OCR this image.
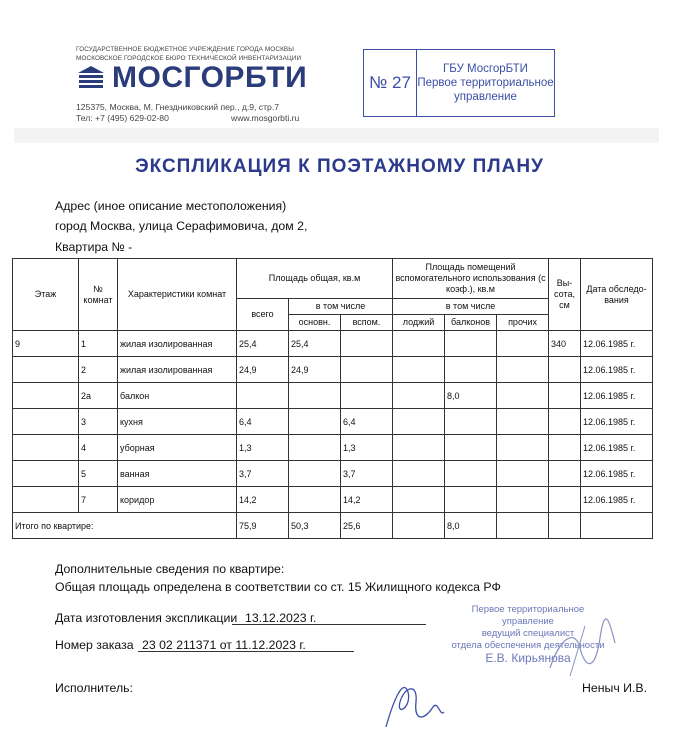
ГОСУДАРСТВЕННОЕ БЮДЖЕТНОЕ УЧРЕЖДЕНИЕ ГОРОДА МОСКВЫ
МОСКОВСКОЕ ГОРОДСКОЕ БЮРО ТЕХНИЧЕСКОЙ ИНВЕНТАРИЗАЦИИ
МОСГОРБТИ
125375, Москва, М. Гнездниковский пер., д.9, стр.7
Тел: +7 (495) 629-02-80	www.mosgorbti.ru
№ 27
ГБУ МосгорБТИ
Первое территориальное
управление
ЭКСПЛИКАЦИЯ К ПОЭТАЖНОМУ ПЛАНУ
Адрес (иное описание местоположения)
город Москва, улица Серафимовича, дом 2,
Квартира № -
Этаж	№ комнат	Характеристики комнат	Площадь общая, кв.м			Площадь помещений вспомогательного использования (с коэф.), кв.м			Вы-сота, см	Дата обследо-вания
			всего	в том числе		в том числе				
				основн.	вспом.	лоджий	балконов	прочих		
9	1	жилая изолированная	25,4	25,4					340	12.06.1985 г.
	2	жилая изолированная	24,9	24,9						12.06.1985 г.
	2а	балкон					8,0			12.06.1985 г.
	3	кухня	6,4		6,4					12.06.1985 г.
	4	уборная	1,3		1,3					12.06.1985 г.
	5	ванная	3,7		3,7					12.06.1985 г.
	7	коридор	14,2		14,2					12.06.1985 г.
Итого по квартире:			75,9	50,3	25,6		8,0			
Дополнительные сведения по квартире:
Общая площадь определена в соответствии со ст. 15 Жилищного кодекса РФ
Дата изготовления экспликации 13.12.2023 г.
Номер заказа 23 02 211371 от 11.12.2023 г.
Исполнитель:	Неныч И.В.
Первое территориальное управление
ведущий специалист
отдела обеспечения деятельности
Е.В. Кирьянова
